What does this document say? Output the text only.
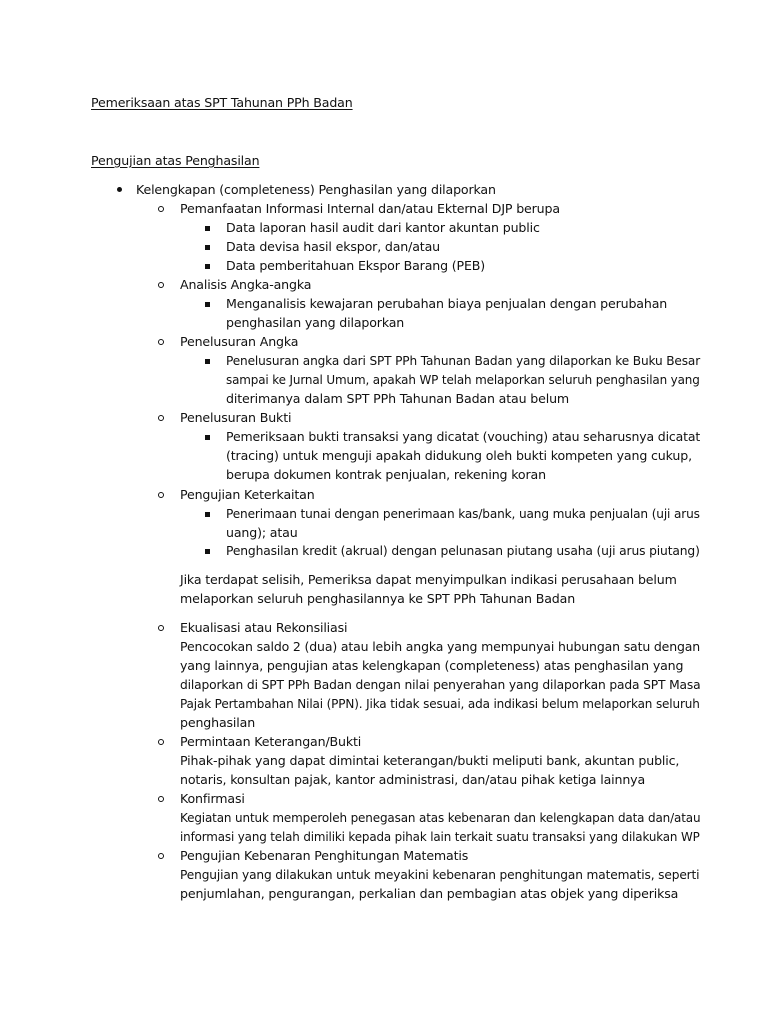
Pemeriksaan atas SPT Tahunan PPh Badan
Pengujian atas Penghasilan
Kelengkapan (completeness) Penghasilan yang dilaporkan
Pemanfaatan Informasi Internal dan/atau Ekternal DJP berupa
Data laporan hasil audit dari kantor akuntan public
Data devisa hasil ekspor, dan/atau
Data pemberitahuan Ekspor Barang (PEB)
Analisis Angka-angka
Menganalisis kewajaran perubahan biaya penjualan dengan perubahan
penghasilan yang dilaporkan
Penelusuran Angka
Penelusuran angka dari SPT PPh Tahunan Badan yang dilaporkan ke Buku Besar
sampai ke Jurnal Umum, apakah WP telah melaporkan seluruh penghasilan yang
diterimanya dalam SPT PPh Tahunan Badan atau belum
Penelusuran Bukti
Pemeriksaan bukti transaksi yang dicatat (vouching) atau seharusnya dicatat
(tracing) untuk menguji apakah didukung oleh bukti kompeten yang cukup,
berupa dokumen kontrak penjualan, rekening koran
Pengujian Keterkaitan
Penerimaan tunai dengan penerimaan kas/bank, uang muka penjualan (uji arus
uang); atau
Penghasilan kredit (akrual) dengan pelunasan piutang usaha (uji arus piutang)
Jika terdapat selisih, Pemeriksa dapat menyimpulkan indikasi perusahaan belum
melaporkan seluruh penghasilannya ke SPT PPh Tahunan Badan
Ekualisasi atau Rekonsiliasi
Pencocokan saldo 2 (dua) atau lebih angka yang mempunyai hubungan satu dengan
yang lainnya, pengujian atas kelengkapan (completeness) atas penghasilan yang
dilaporkan di SPT PPh Badan dengan nilai penyerahan yang dilaporkan pada SPT Masa
Pajak Pertambahan Nilai (PPN). Jika tidak sesuai, ada indikasi belum melaporkan seluruh
penghasilan
Permintaan Keterangan/Bukti
Pihak-pihak yang dapat dimintai keterangan/bukti meliputi bank, akuntan public,
notaris, konsultan pajak, kantor administrasi, dan/atau pihak ketiga lainnya
Konfirmasi
Kegiatan untuk memperoleh penegasan atas kebenaran dan kelengkapan data dan/atau
informasi yang telah dimiliki kepada pihak lain terkait suatu transaksi yang dilakukan WP
Pengujian Kebenaran Penghitungan Matematis
Pengujian yang dilakukan untuk meyakini kebenaran penghitungan matematis, seperti
penjumlahan, pengurangan, perkalian dan pembagian atas objek yang diperiksa
